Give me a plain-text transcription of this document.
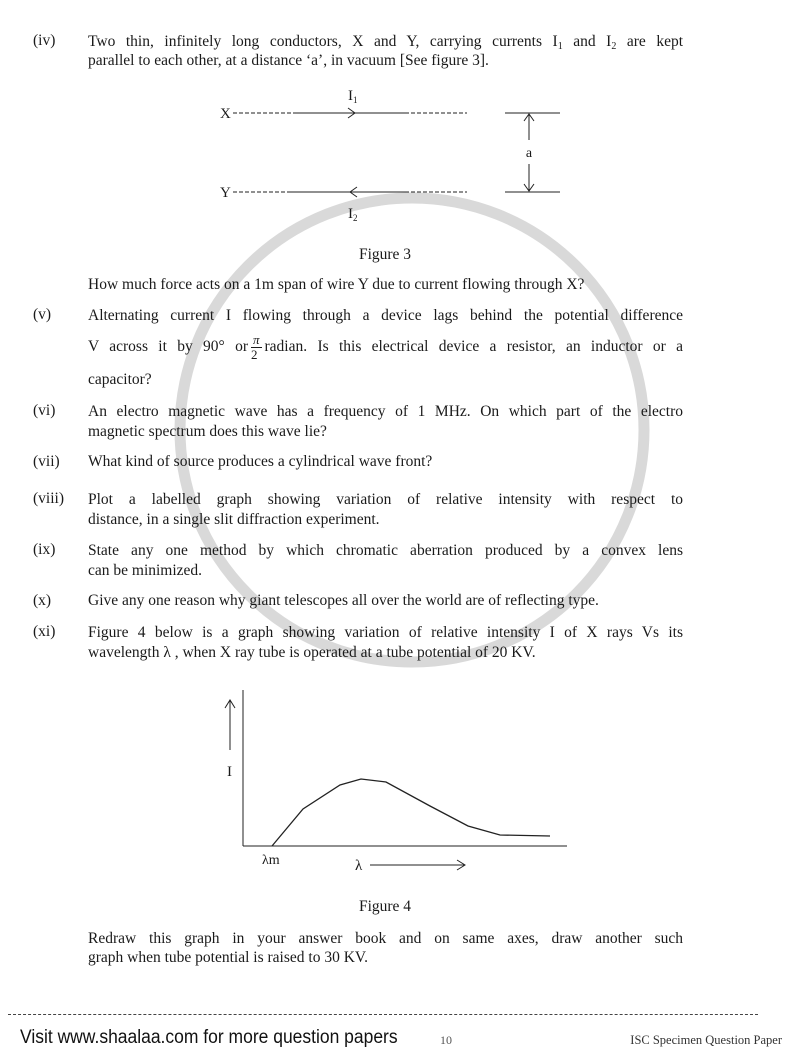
(iv) Two thin, infinitely long conductors, X and Y, carrying currents $I_1$ and $I_2$ are kept
parallel to each other, at a distance ‘a’, in vacuum [See figure 3].
X
$I_1$
Y
$I_2$
a
Figure 3
How much force acts on a 1m span of wire Y due to current flowing through X?
(v) Alternating current I flowing through a device lags behind the potential difference
V across it by 90° or $\frac{\pi}{2}$ radian. Is this electrical device a resistor, an inductor or a
capacitor?
(vi) An electro magnetic wave has a frequency of 1 MHz. On which part of the electro
magnetic spectrum does this wave lie?
(vii) What kind of source produces a cylindrical wave front?
(viii) Plot a labelled graph showing variation of relative intensity with respect to
distance, in a single slit diffraction experiment.
(ix) State any one method by which chromatic aberration produced by a convex lens
can be minimized.
(x) Give any one reason why giant telescopes all over the world are of reflecting type.
(xi) Figure 4 below is a graph showing variation of relative intensity I of X rays Vs its
wavelength λ , when X ray tube is operated at a tube potential of 20 KV.
I
λm	λ
Figure 4
Redraw this graph in your answer book and on same axes, draw another such
graph when tube potential is raised to 30 KV.
Visit www.shaalaa.com for more question papers	10	ISC Specimen Question Paper
